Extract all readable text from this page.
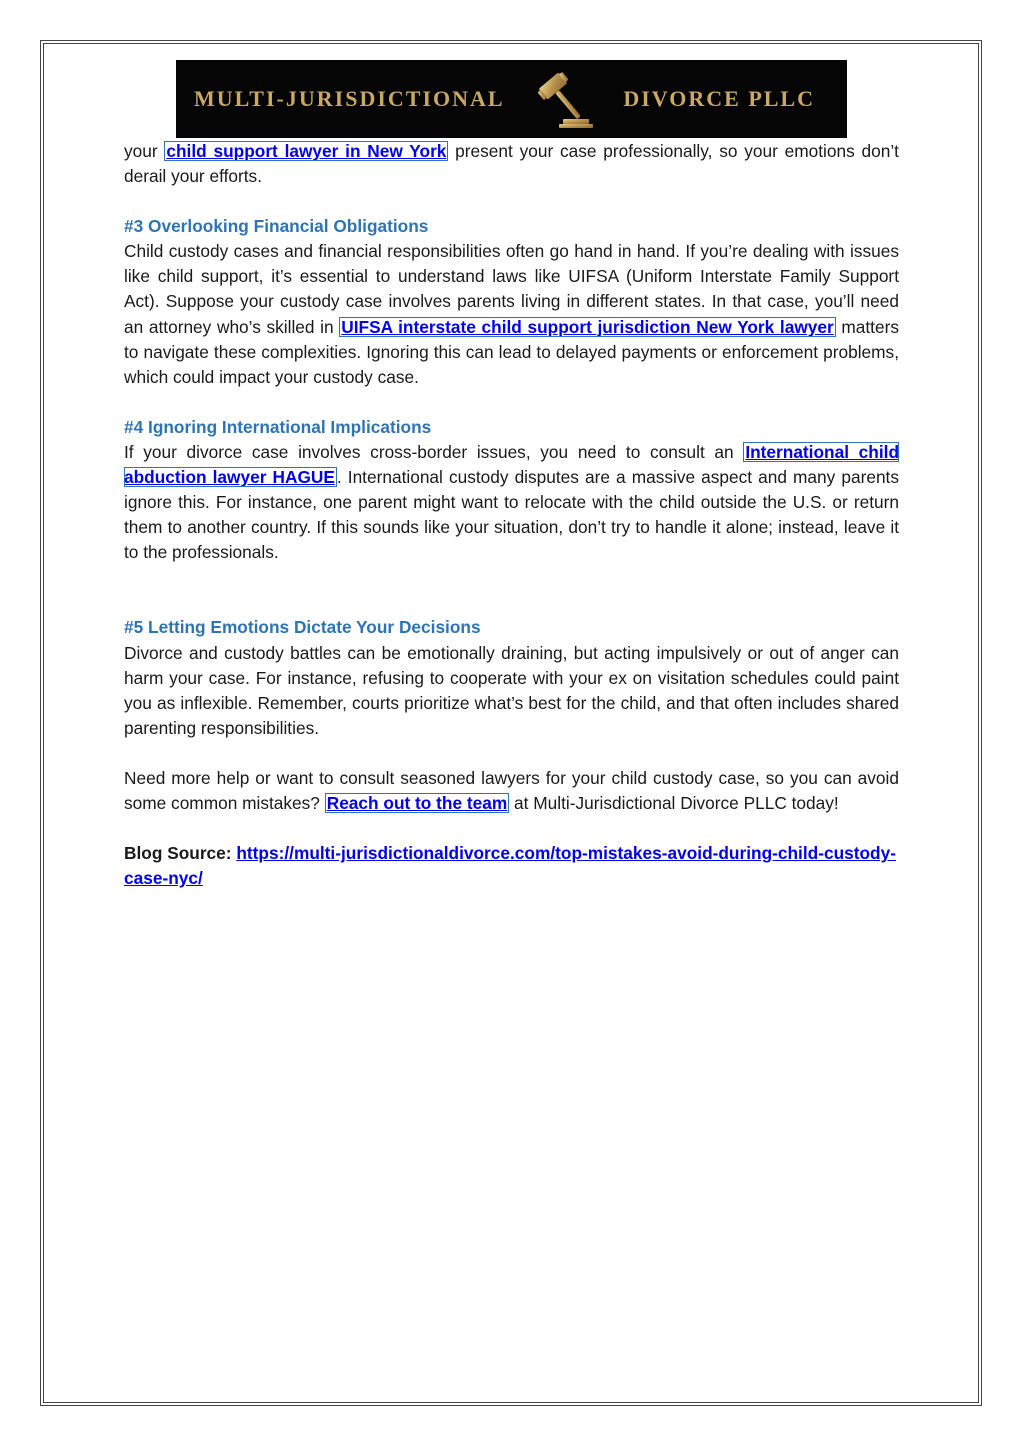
MULTI-JURISDICTIONAL	DIVORCE PLLC

your child support lawyer in New York present your case professionally, so your emotions don’t derail your efforts.

#3 Overlooking Financial Obligations

Child custody cases and financial responsibilities often go hand in hand. If you’re dealing with issues like child support, it’s essential to understand laws like UIFSA (Uniform Interstate Family Support Act). Suppose your custody case involves parents living in different states. In that case, you’ll need an attorney who’s skilled in UIFSA interstate child support jurisdiction New York lawyer matters to navigate these complexities. Ignoring this can lead to delayed payments or enforcement problems, which could impact your custody case.

#4 Ignoring International Implications

If your divorce case involves cross-border issues, you need to consult an International child abduction lawyer HAGUE . International custody disputes are a massive aspect and many parents ignore this. For instance, one parent might want to relocate with the child outside the U.S. or return them to another country. If this sounds like your situation, don’t try to handle it alone; instead, leave it to the professionals.

#5 Letting Emotions Dictate Your Decisions

Divorce and custody battles can be emotionally draining, but acting impulsively or out of anger can harm your case. For instance, refusing to cooperate with your ex on visitation schedules could paint you as inflexible. Remember, courts prioritize what’s best for the child, and that often includes shared parenting responsibilities.

Need more help or want to consult seasoned lawyers for your child custody case, so you can avoid some common mistakes? Reach out to the team at Multi-Jurisdictional Divorce PLLC today!

Blog Source: https://multi-jurisdictionaldivorce.com/top-mistakes-avoid-during-child-custody-case-nyc/
